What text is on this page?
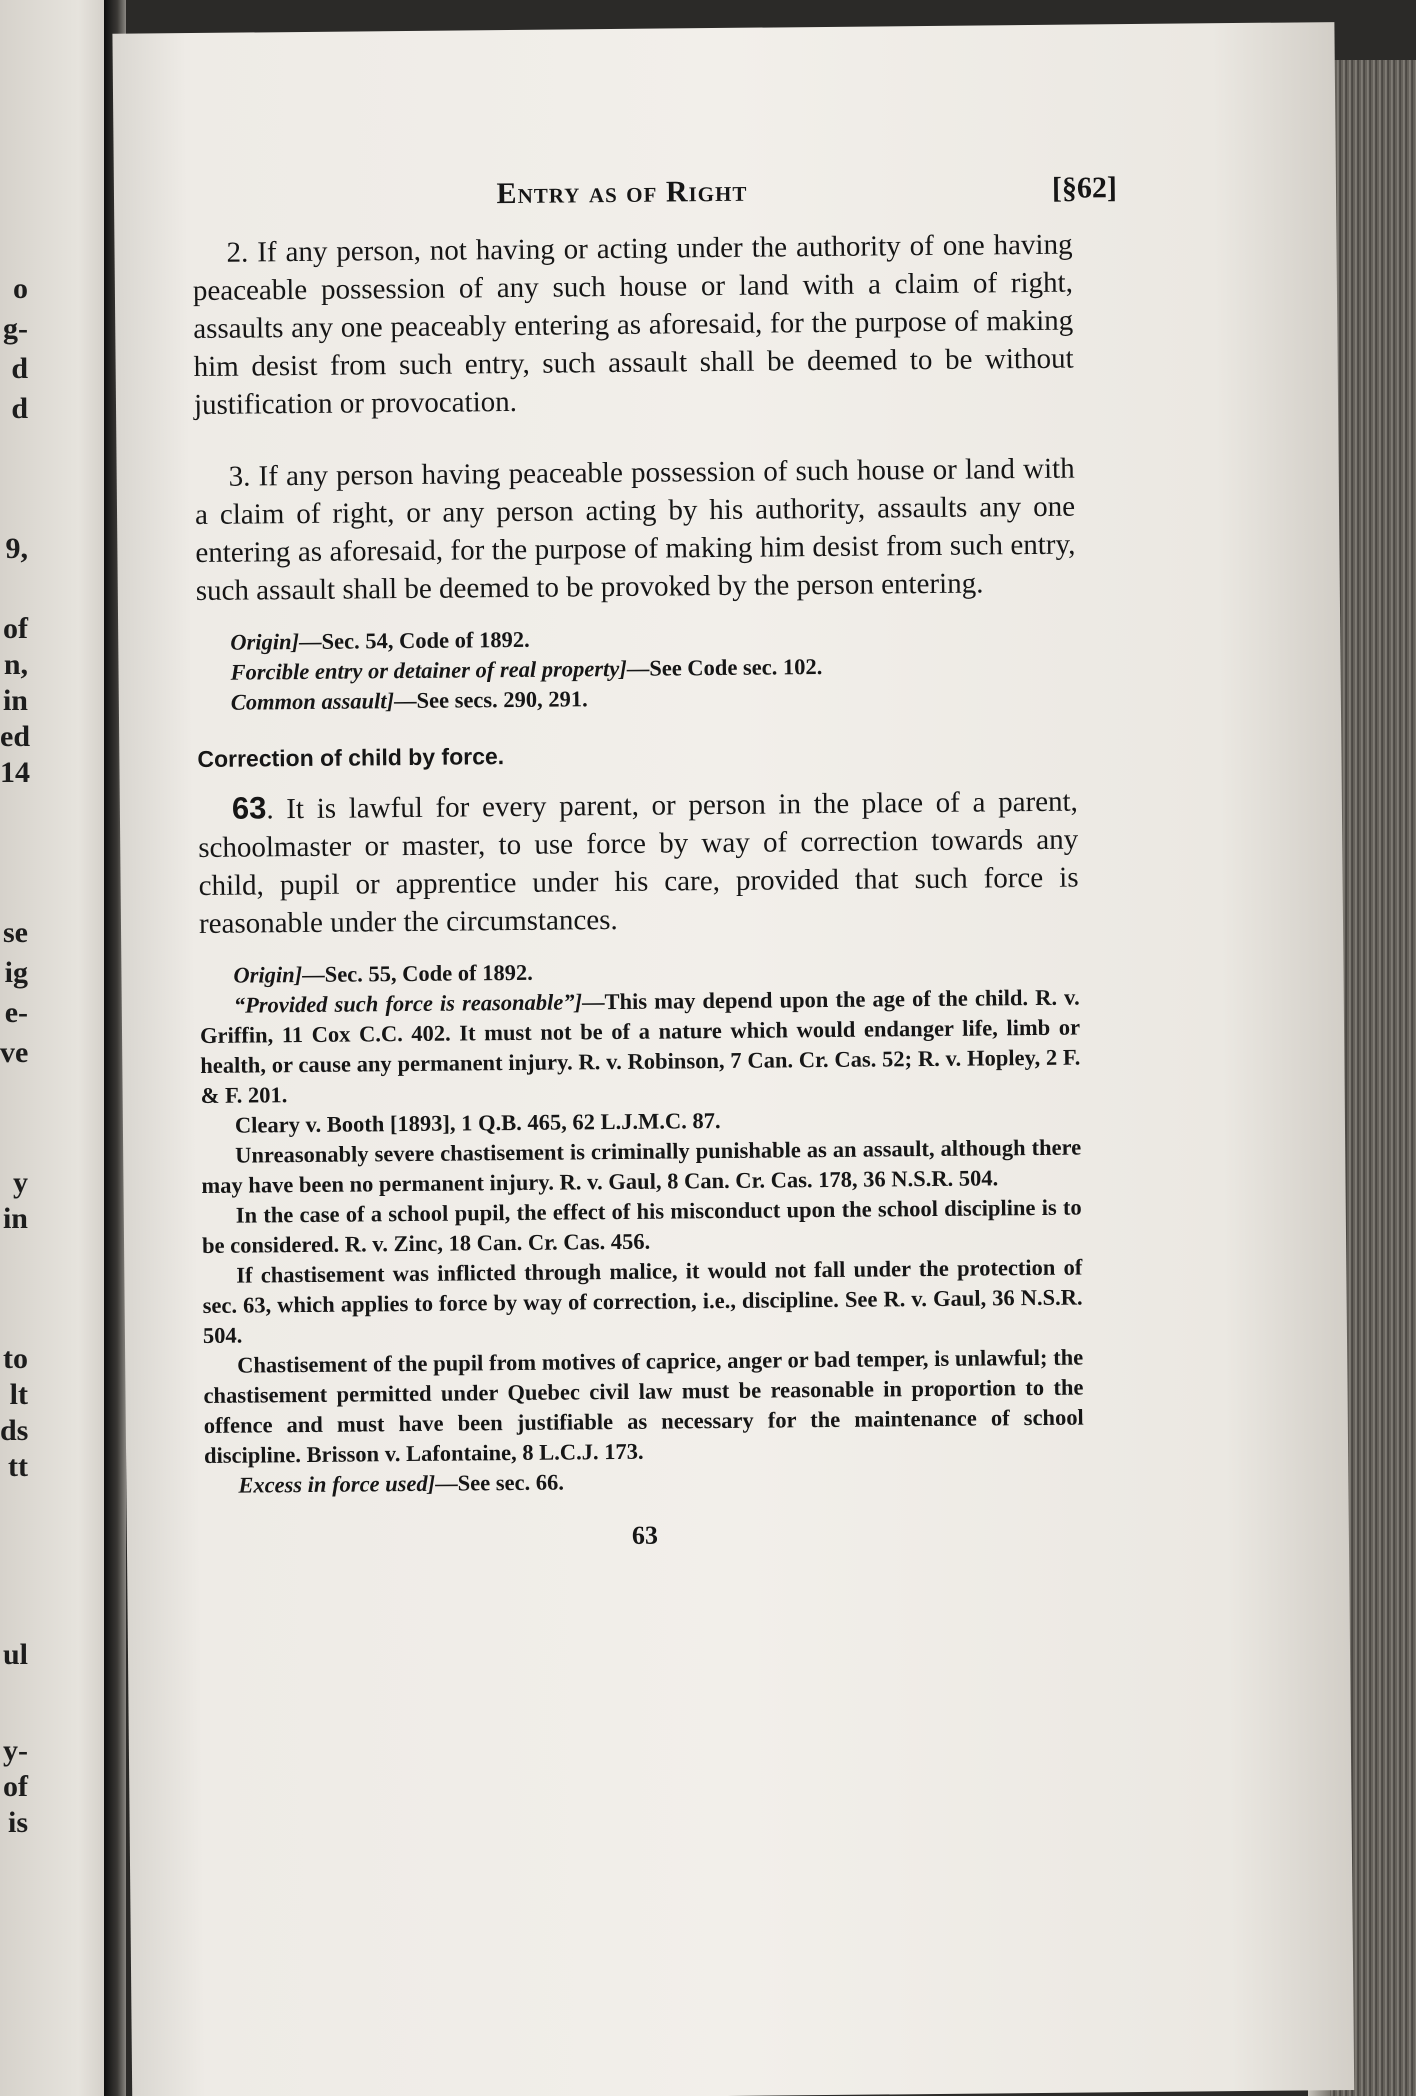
o
g-
d
d
9,
of
n,
in
ed
14
se
ig
e-
ve
y
in
to
lt
ds
tt
ul
y-
of
is
Entry as of Right	[§62]

2. If any person, not having or acting under the authority of one having peaceable possession of any such house or land with a claim of right, assaults any one peaceably entering as aforesaid, for the purpose of making him desist from such entry, such assault shall be deemed to be without justification or provocation.

3. If any person having peaceable possession of such house or land with a claim of right, or any person acting by his authority, assaults any one entering as aforesaid, for the purpose of making him desist from such entry, such assault shall be deemed to be provoked by the person entering.

Origin]—Sec. 54, Code of 1892.

Forcible entry or detainer of real property]—See Code sec. 102.

Common assault]—See secs. 290, 291.

Correction of child by force.

63. It is lawful for every parent, or person in the place of a parent, schoolmaster or master, to use force by way of correction towards any child, pupil or apprentice under his care, provided that such force is reasonable under the circumstances.

Origin]—Sec. 55, Code of 1892.

“Provided such force is reasonable”]—This may depend upon the age of the child. R. v. Griffin, 11 Cox C.C. 402. It must not be of a nature which would endanger life, limb or health, or cause any permanent injury. R. v. Robinson, 7 Can. Cr. Cas. 52; R. v. Hopley, 2 F. & F. 201.

Cleary v. Booth [1893], 1 Q.B. 465, 62 L.J.M.C. 87.

Unreasonably severe chastisement is criminally punishable as an assault, although there may have been no permanent injury. R. v. Gaul, 8 Can. Cr. Cas. 178, 36 N.S.R. 504.

In the case of a school pupil, the effect of his misconduct upon the school discipline is to be considered. R. v. Zinc, 18 Can. Cr. Cas. 456.

If chastisement was inflicted through malice, it would not fall under the protection of sec. 63, which applies to force by way of correction, i.e., discipline. See R. v. Gaul, 36 N.S.R. 504.

Chastisement of the pupil from motives of caprice, anger or bad temper, is unlawful; the chastisement permitted under Quebec civil law must be reasonable in proportion to the offence and must have been justifiable as necessary for the maintenance of school discipline. Brisson v. Lafontaine, 8 L.C.J. 173.

Excess in force used]—See sec. 66.

63
